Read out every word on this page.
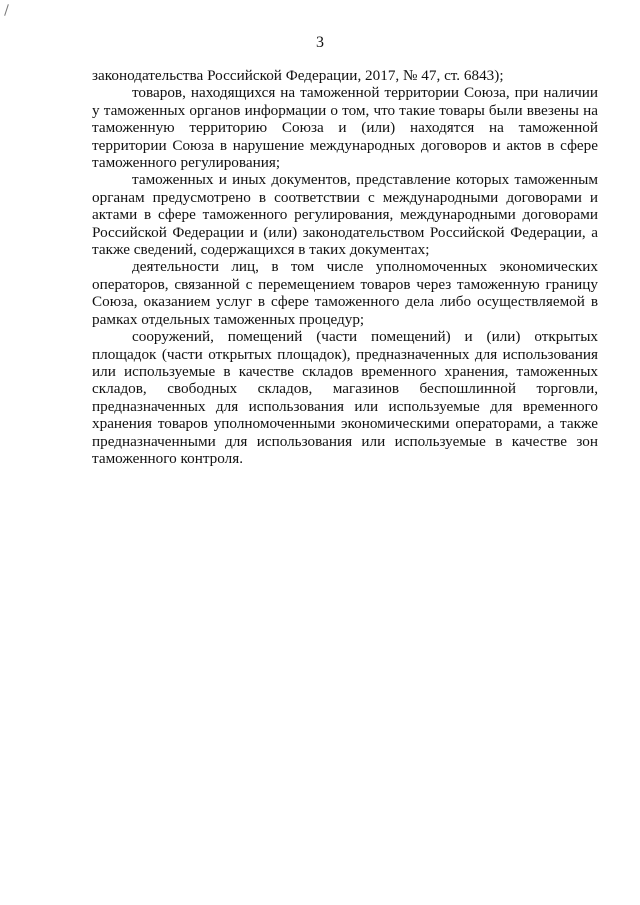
3

законодательства Российской Федерации, 2017, № 47, ст. 6843);

товаров, находящихся на таможенной территории Союза, при наличии у таможенных органов информации о том, что такие товары были ввезены на таможенную территорию Союза и (или) находятся на таможенной территории Союза в нарушение международных договоров и актов в сфере таможенного регулирования;

таможенных и иных документов, представление которых таможенным органам предусмотрено в соответствии с международными договорами и актами в сфере таможенного регулирования, международными договорами Российской Федерации и (или) законодательством Российской Федерации, а также сведений, содержащихся в таких документах;

деятельности лиц, в том числе уполномоченных экономических операторов, связанной с перемещением товаров через таможенную границу Союза, оказанием услуг в сфере таможенного дела либо осуществляемой в рамках отдельных таможенных процедур;

сооружений, помещений (части помещений) и (или) открытых площадок (части открытых площадок), предназначенных для использования или используемые в качестве складов временного хранения, таможенных складов, свободных складов, магазинов беспошлинной торговли, предназначенных для использования или используемые для временного хранения товаров уполномоченными экономическими операторами, а также предназначенными для использования или используемые в качестве зон таможенного контроля.
